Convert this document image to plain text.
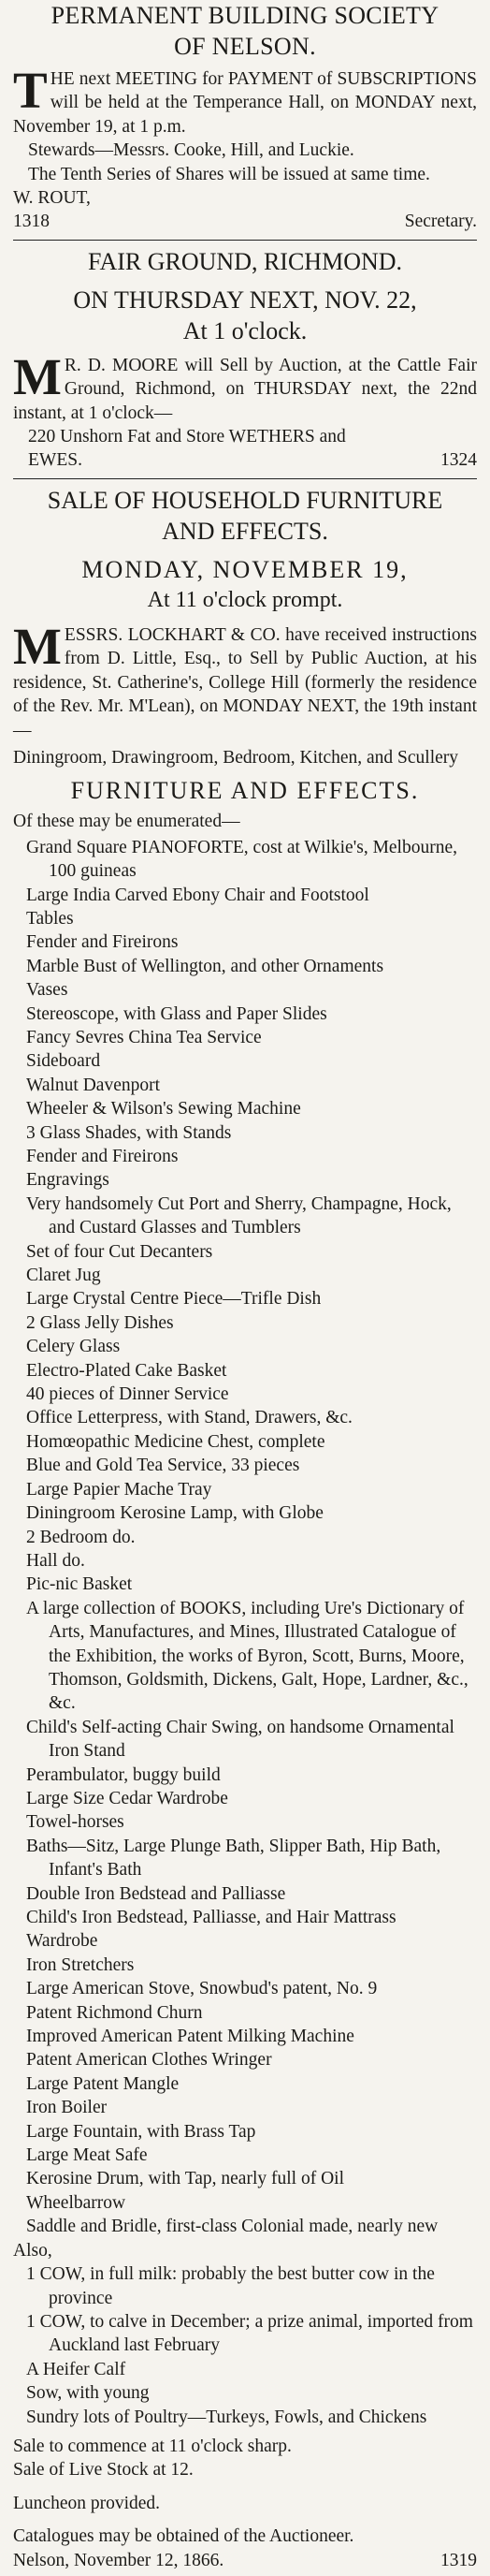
PERMANENT BUILDING SOCIETY

OF NELSON.

T HE next MEETING for PAYMENT of SUBSCRIPTIONS will be held at the Temperance Hall, on MONDAY next, November 19, at 1 p.m.

Stewards—Messrs. Cooke, Hill, and Luckie.

The Tenth Series of Shares will be issued at same time.

W. ROUT,

1318	Secretary.

FAIR GROUND, RICHMOND.

ON THURSDAY NEXT, NOV. 22,

At 1 o'clock.

M R. D. MOORE will Sell by Auction, at the Cattle Fair Ground, Richmond, on THURSDAY next, the 22nd instant, at 1 o'clock—

220 Unshorn Fat and Store WETHERS and

EWES.	1324

SALE OF HOUSEHOLD FURNITURE

AND EFFECTS.

MONDAY, NOVEMBER 19,

At 11 o'clock prompt.

M ESSRS. LOCKHART & CO. have received instructions from D. Little, Esq., to Sell by Public Auction, at his residence, St. Catherine's, College Hill (formerly the residence of the Rev. Mr. M'Lean), on MONDAY NEXT, the 19th instant—

Diningroom, Drawingroom, Bedroom, Kitchen, and Scullery

FURNITURE AND EFFECTS.

Of these may be enumerated—

Grand Square PIANOFORTE, cost at Wilkie's, Melbourne, 100 guineas

Large India Carved Ebony Chair and Footstool

Tables

Fender and Fireirons

Marble Bust of Wellington, and other Ornaments

Vases

Stereoscope, with Glass and Paper Slides

Fancy Sevres China Tea Service

Sideboard

Walnut Davenport

Wheeler & Wilson's Sewing Machine

3 Glass Shades, with Stands

Fender and Fireirons

Engravings

Very handsomely Cut Port and Sherry, Champagne, Hock, and Custard Glasses and Tumblers

Set of four Cut Decanters

Claret Jug

Large Crystal Centre Piece—Trifle Dish

2 Glass Jelly Dishes

Celery Glass

Electro-Plated Cake Basket

40 pieces of Dinner Service

Office Letterpress, with Stand, Drawers, &c.

Homœopathic Medicine Chest, complete

Blue and Gold Tea Service, 33 pieces

Large Papier Mache Tray

Diningroom Kerosine Lamp, with Globe

2 Bedroom do.

Hall do.

Pic-nic Basket

A large collection of BOOKS, including Ure's Dictionary of Arts, Manufactures, and Mines, Illustrated Catalogue of the Exhibition, the works of Byron, Scott, Burns, Moore, Thomson, Goldsmith, Dickens, Galt, Hope, Lardner, &c., &c.

Child's Self-acting Chair Swing, on handsome Ornamental Iron Stand

Perambulator, buggy build

Large Size Cedar Wardrobe

Towel-horses

Baths—Sitz, Large Plunge Bath, Slipper Bath, Hip Bath, Infant's Bath

Double Iron Bedstead and Palliasse

Child's Iron Bedstead, Palliasse, and Hair Mattrass

Wardrobe

Iron Stretchers

Large American Stove, Snowbud's patent, No. 9

Patent Richmond Churn

Improved American Patent Milking Machine

Patent American Clothes Wringer

Large Patent Mangle

Iron Boiler

Large Fountain, with Brass Tap

Large Meat Safe

Kerosine Drum, with Tap, nearly full of Oil

Wheelbarrow

Saddle and Bridle, first-class Colonial made, nearly new

Also,

1 COW, in full milk: probably the best butter cow in the province

1 COW, to calve in December; a prize animal, imported from Auckland last February

A Heifer Calf

Sow, with young

Sundry lots of Poultry—Turkeys, Fowls, and Chickens

Sale to commence at 11 o'clock sharp.

Sale of Live Stock at 12.

Luncheon provided.

Catalogues may be obtained of the Auctioneer.

Nelson, November 12, 1866.	1319
